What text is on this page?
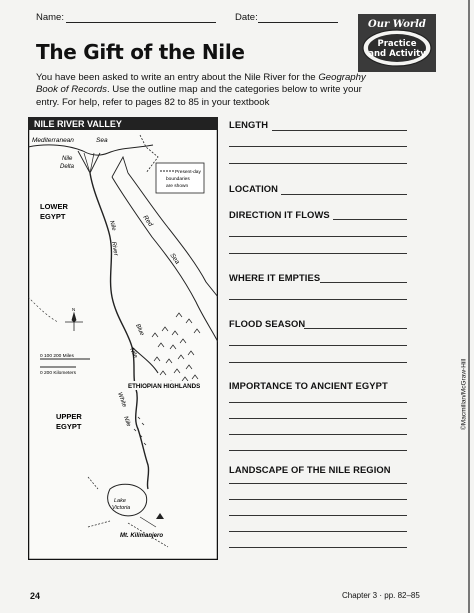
Name:	Date:
Our World
Practice
and Activity
The Gift of the Nile
You have been asked to write an entry about the Nile River for the Geography Book of Records. Use the outline map and the categories below to write your entry. For help, refer to pages 82 to 85 in your textbook
NILE RIVER VALLEY
Mediterranean	Sea
Nile
Delta
Red
Sea
Present-day
boundaries
are shown
ETHIOPIAN HIGHLANDS
Nile
River
Blue
Nile
White
Nile
LOWER
EGYPT
UPPER
EGYPT
N
0 100 200 Miles
0 200 Kilometers
Lake
Victoria
Mt. Kilimanjero
LENGTH
LOCATION
DIRECTION IT FLOWS
WHERE IT EMPTIES
FLOOD SEASON
IMPORTANCE TO ANCIENT EGYPT
LANDSCAPE OF THE NILE REGION
©Macmillan/McGraw-Hill
24	Chapter 3 · pp. 82–85
